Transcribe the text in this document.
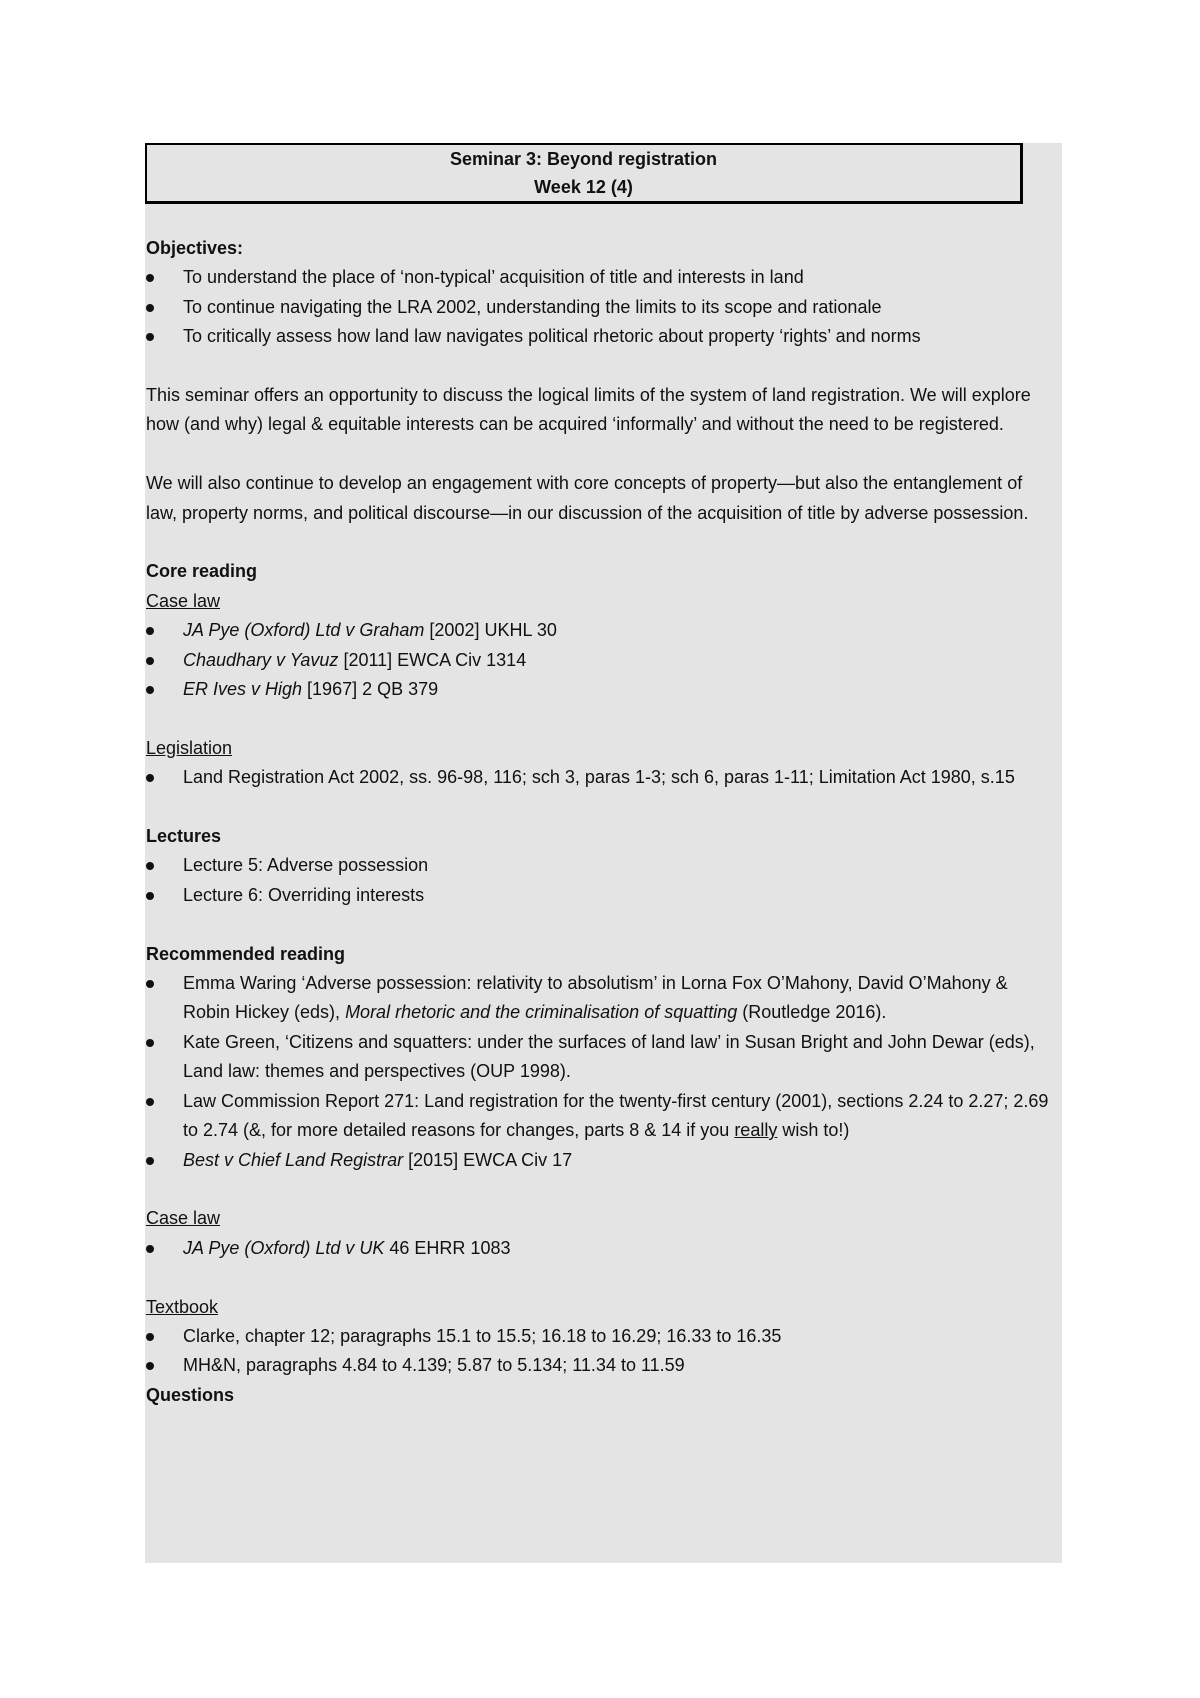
Seminar 3: Beyond registration
Week 12 (4)

Objectives:

To understand the place of ‘non-typical’ acquisition of title and interests in land
To continue navigating the LRA 2002, understanding the limits to its scope and rationale
To critically assess how land law navigates political rhetoric about property ‘rights’ and norms

This seminar offers an opportunity to discuss the logical limits of the system of land registration. We will explore how (and why) legal & equitable interests can be acquired ‘informally’ and without the need to be registered.

We will also continue to develop an engagement with core concepts of property—but also the entanglement of law, property norms, and political discourse—in our discussion of the acquisition of title by adverse possession.

Core reading

Case law

JA Pye (Oxford) Ltd v Graham [2002] UKHL 30
Chaudhary v Yavuz [2011] EWCA Civ 1314
ER Ives v High [1967] 2 QB 379

Legislation

Land Registration Act 2002, ss. 96-98, 116; sch 3, paras 1-3; sch 6, paras 1-11; Limitation Act 1980, s.15

Lectures

Lecture 5: Adverse possession
Lecture 6: Overriding interests

Recommended reading

Emma Waring ‘Adverse possession: relativity to absolutism’ in Lorna Fox O’Mahony, David O’Mahony & Robin Hickey (eds), Moral rhetoric and the criminalisation of squatting (Routledge 2016).
Kate Green, ‘Citizens and squatters: under the surfaces of land law’ in Susan Bright and John Dewar (eds), Land law: themes and perspectives (OUP 1998).
Law Commission Report 271: Land registration for the twenty-first century (2001), sections 2.24 to 2.27; 2.69 to 2.74 (&, for more detailed reasons for changes, parts 8 & 14 if you really wish to!)
Best v Chief Land Registrar [2015] EWCA Civ 17

Case law

JA Pye (Oxford) Ltd v UK 46 EHRR 1083

Textbook

Clarke, chapter 12; paragraphs 15.1 to 15.5; 16.18 to 16.29; 16.33 to 16.35
MH&N, paragraphs 4.84 to 4.139; 5.87 to 5.134; 11.34 to 11.59

Questions
